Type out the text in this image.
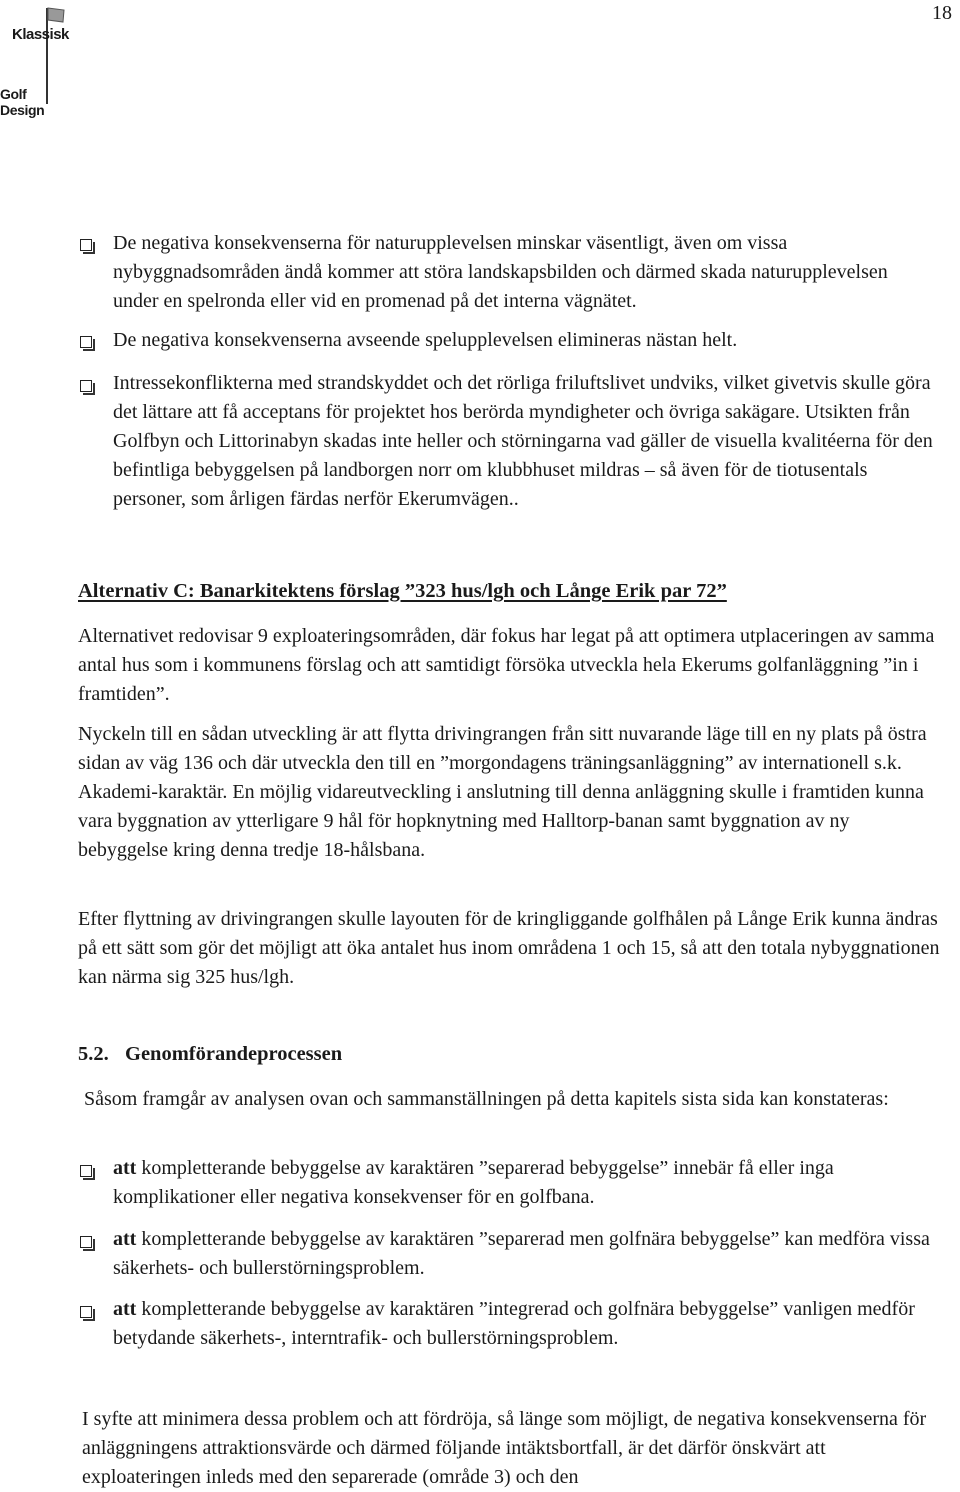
18
Klassisk
Golf Design
De negativa konsekvenserna för naturupplevelsen minskar väsentligt, även om vissa nybyggnadsområden ändå kommer att störa landskapsbilden och därmed skada naturupplevelsen under en spelronda eller vid en promenad på det interna vägnätet.
De negativa konsekvenserna avseende spelupplevelsen elimineras nästan helt.
Intressekonflikterna med strandskyddet och det rörliga friluftslivet undviks, vilket givetvis skulle göra det lättare att få acceptans för projektet hos berörda myndigheter och övriga sakägare. Utsikten från Golfbyn och Littorinabyn skadas inte heller och störningarna vad gäller de visuella kvalitéerna för den befintliga bebyggelsen på landborgen norr om klubbhuset mildras – så även för de tiotusentals personer, som årligen färdas nerför Ekerumvägen..
Alternativ C: Banarkitektens förslag ”323 hus/lgh och Långe Erik par 72”
Alternativet redovisar 9 exploateringsområden, där fokus har legat på att optimera utplaceringen av samma antal hus som i kommunens förslag och att samtidigt försöka utveckla hela Ekerums golfanläggning ”in i framtiden”.
Nyckeln till en sådan utveckling är att flytta drivingrangen från sitt nuvarande läge till en ny plats på östra sidan av väg 136 och där utveckla den till en ”morgondagens träningsanläggning” av internationell s.k. Akademi-karaktär. En möjlig vidareutveckling i anslutning till denna anläggning skulle i framtiden kunna vara byggnation av ytterligare 9 hål för hopknytning med Halltorp-banan samt byggnation av ny bebyggelse kring denna tredje 18-hålsbana.
Efter flyttning av drivingrangen skulle layouten för de kringliggande golfhålen på Långe Erik kunna ändras på ett sätt som gör det möjligt att öka antalet hus inom områdena 1 och 15, så att den totala nybyggnationen kan närma sig 325 hus/lgh.
5.2. Genomförandeprocessen
Såsom framgår av analysen ovan och sammanställningen på detta kapitels sista sida kan konstateras:
att kompletterande bebyggelse av karaktären ”separerad bebyggelse” innebär få eller inga komplikationer eller negativa konsekvenser för en golfbana.
att kompletterande bebyggelse av karaktären ”separerad men golfnära bebyggelse” kan medföra vissa säkerhets- och bullerstörningsproblem.
att kompletterande bebyggelse av karaktären ”integrerad och golfnära bebyggelse” vanligen medför betydande säkerhets-, interntrafik- och bullerstörningsproblem.
I syfte att minimera dessa problem och att fördröja, så länge som möjligt, de negativa konsekvenserna för anläggningens attraktionsvärde och därmed följande intäktsbortfall, är det därför önskvärt att exploateringen inleds med den separerade (område 3) och den
